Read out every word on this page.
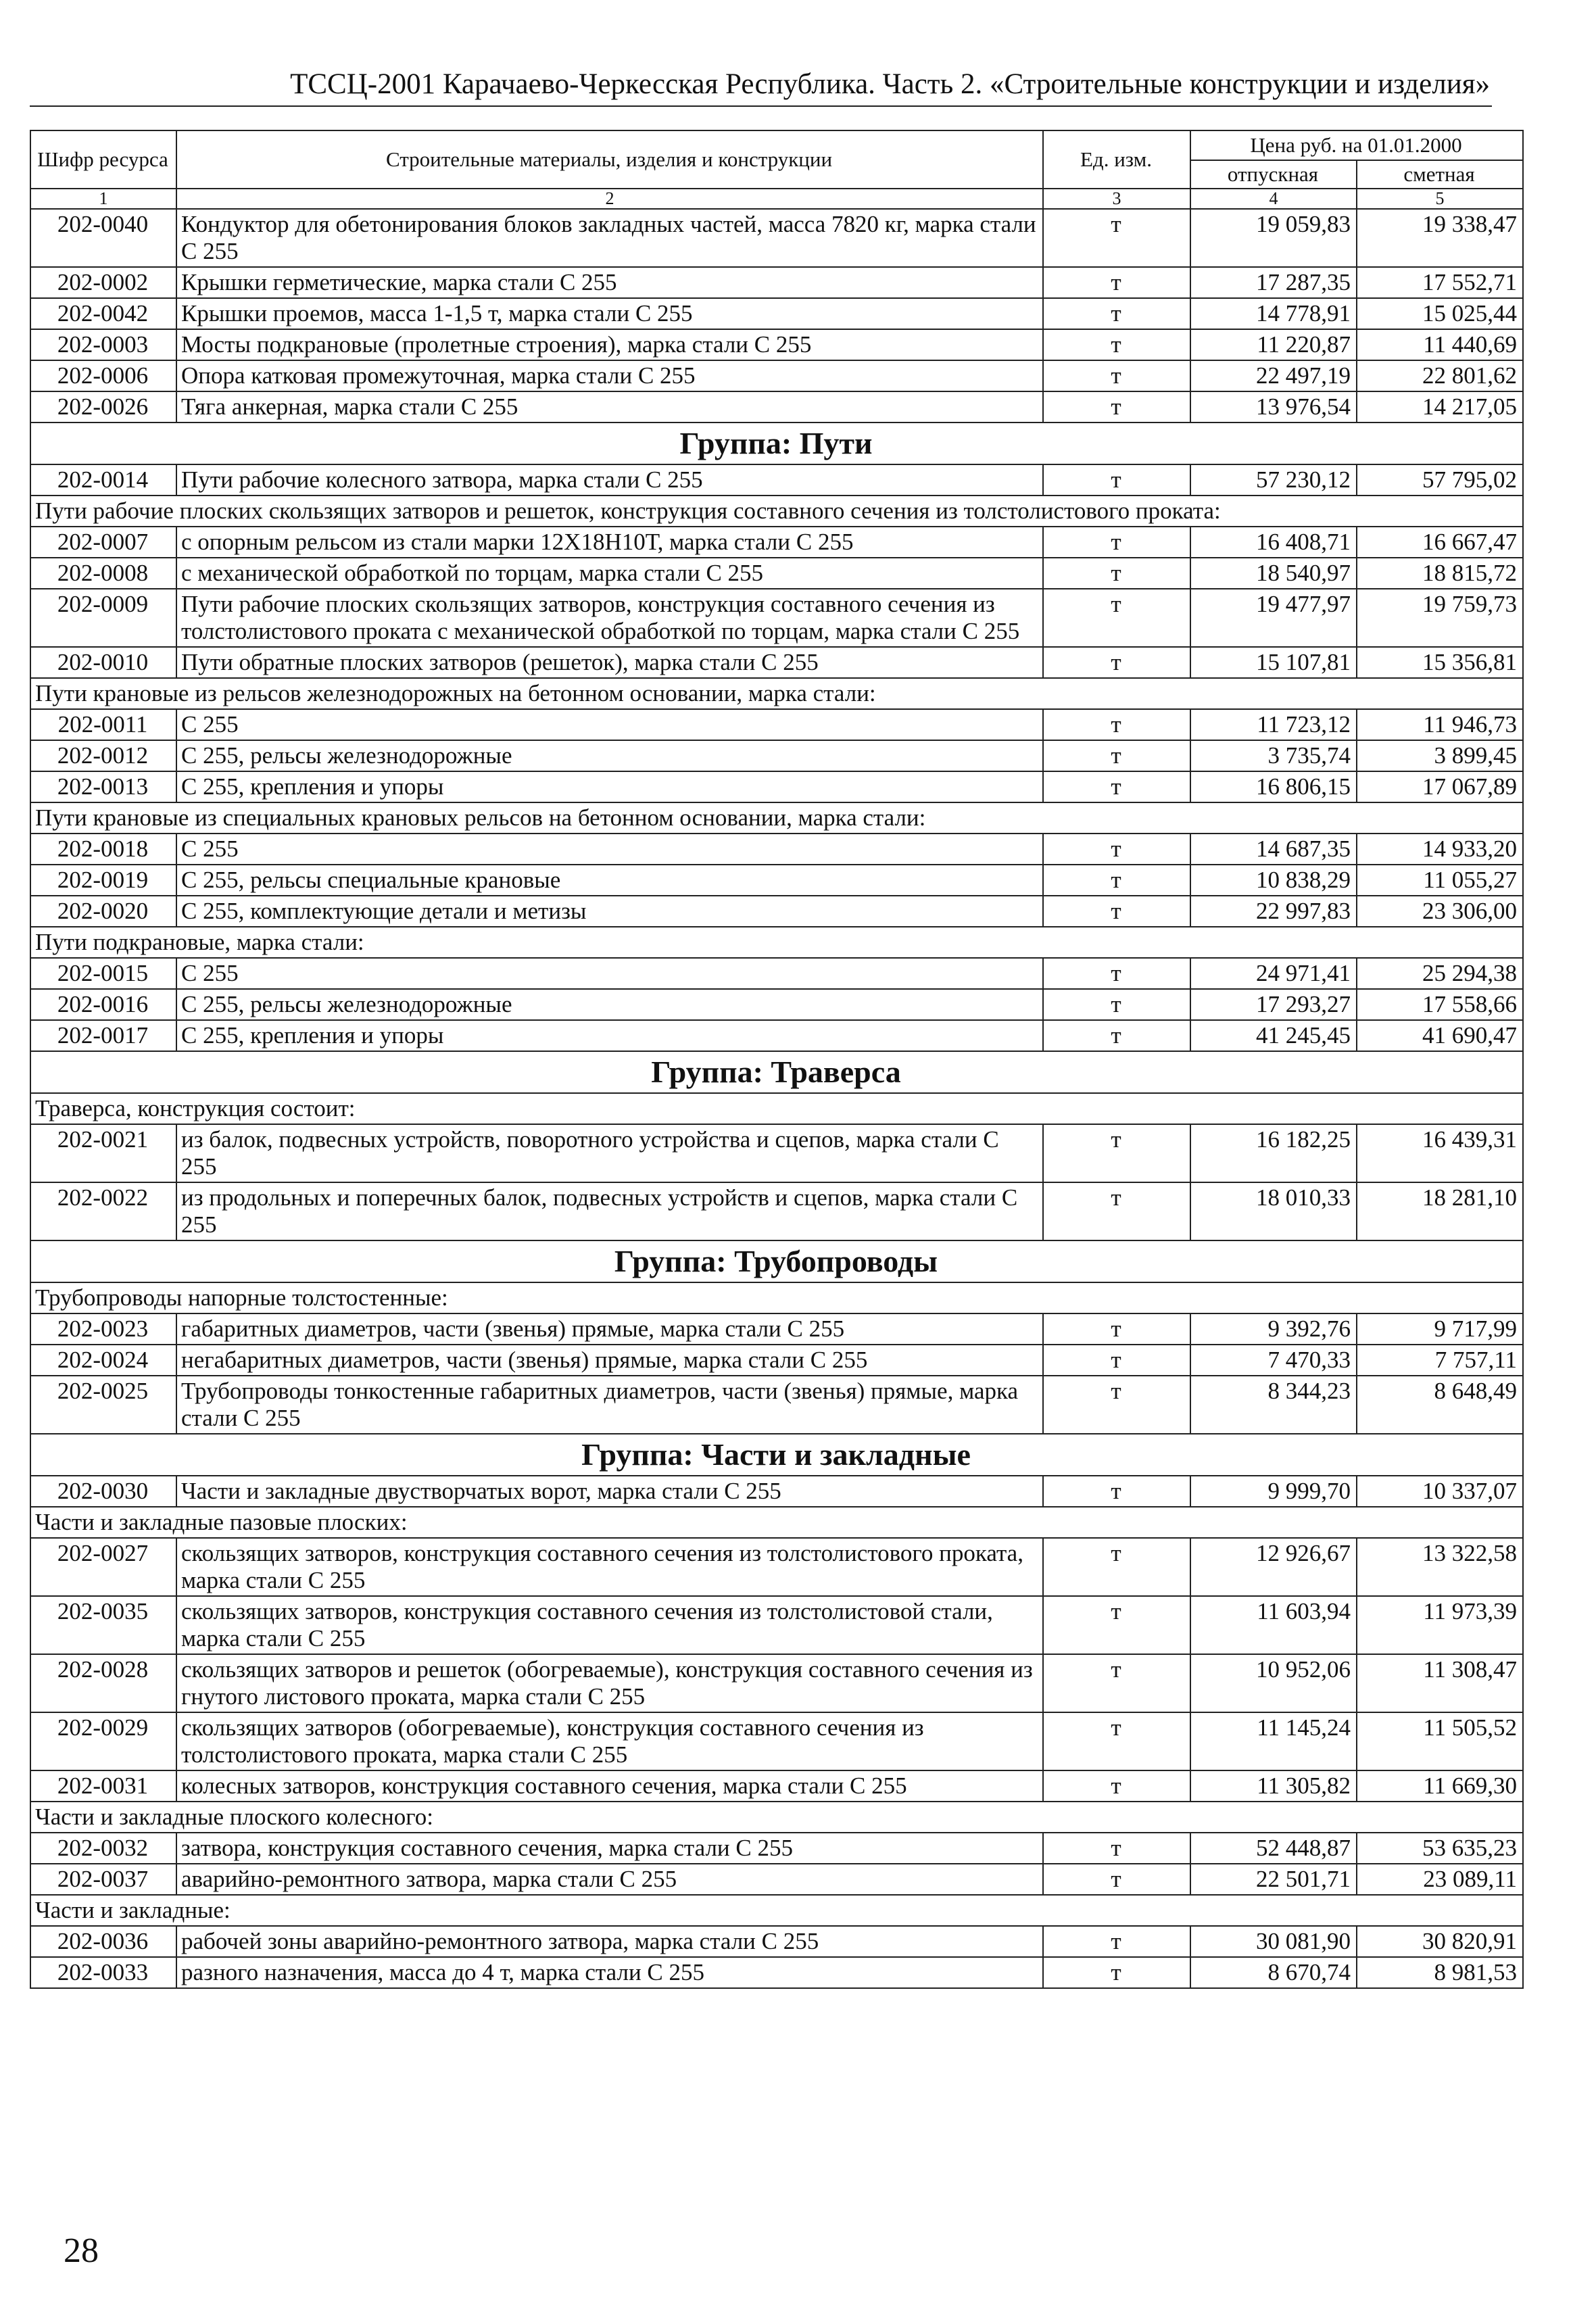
ТССЦ-2001 Карачаево-Черкесская Республика. Часть 2. «Строительные конструкции и изделия»
Шифр ресурса	Строительные материалы, изделия и конструкции	Ед. изм.	Цена руб. на 01.01.2000	
			отпускная	сметная
1	2	3	4	5
202-0040	Кондуктор для обетонирования блоков закладных частей, масса 7820 кг, марка стали С 255	т	19 059,83	19 338,47
202-0002	Крышки герметические, марка стали С 255	т	17 287,35	17 552,71
202-0042	Крышки проемов, масса 1-1,5 т, марка стали С 255	т	14 778,91	15 025,44
202-0003	Мосты подкрановые (пролетные строения), марка стали С 255	т	11 220,87	11 440,69
202-0006	Опора катковая промежуточная, марка стали С 255	т	22 497,19	22 801,62
202-0026	Тяга анкерная, марка стали С 255	т	13 976,54	14 217,05
Группа: Пути				
202-0014	Пути рабочие колесного затвора, марка стали С 255	т	57 230,12	57 795,02
Пути рабочие плоских скользящих затворов и решеток, конструкция составного сечения из толстолистового проката:				
202-0007	с опорным рельсом из стали марки 12Х18Н10Т, марка стали С 255	т	16 408,71	16 667,47
202-0008	с механической обработкой по торцам, марка стали С 255	т	18 540,97	18 815,72
202-0009	Пути рабочие плоских скользящих затворов, конструкция составного сечения из толстолистового проката с механической обработкой по торцам, марка стали С 255	т	19 477,97	19 759,73
202-0010	Пути обратные плоских затворов (решеток), марка стали С 255	т	15 107,81	15 356,81
Пути крановые из рельсов железнодорожных на бетонном основании, марка стали:				
202-0011	С 255	т	11 723,12	11 946,73
202-0012	С 255, рельсы железнодорожные	т	3 735,74	3 899,45
202-0013	С 255, крепления и упоры	т	16 806,15	17 067,89
Пути крановые из специальных крановых рельсов на бетонном основании, марка стали:				
202-0018	С 255	т	14 687,35	14 933,20
202-0019	С 255, рельсы специальные крановые	т	10 838,29	11 055,27
202-0020	С 255, комплектующие детали и метизы	т	22 997,83	23 306,00
Пути подкрановые, марка стали:				
202-0015	С 255	т	24 971,41	25 294,38
202-0016	С 255, рельсы железнодорожные	т	17 293,27	17 558,66
202-0017	С 255, крепления и упоры	т	41 245,45	41 690,47
Группа: Траверса				
Траверса, конструкция состоит:				
202-0021	из балок, подвесных устройств, поворотного устройства и сцепов, марка стали С 255	т	16 182,25	16 439,31
202-0022	из продольных и поперечных балок, подвесных устройств и сцепов, марка стали С 255	т	18 010,33	18 281,10
Группа: Трубопроводы				
Трубопроводы напорные толстостенные:				
202-0023	габаритных диаметров, части (звенья) прямые, марка стали С 255	т	9 392,76	9 717,99
202-0024	негабаритных диаметров, части (звенья) прямые, марка стали С 255	т	7 470,33	7 757,11
202-0025	Трубопроводы тонкостенные габаритных диаметров, части (звенья) прямые, марка стали С 255	т	8 344,23	8 648,49
Группа: Части и закладные				
202-0030	Части и закладные двустворчатых ворот, марка стали С 255	т	9 999,70	10 337,07
Части и закладные пазовые плоских:				
202-0027	скользящих затворов, конструкция составного сечения из толстолистового проката, марка стали С 255	т	12 926,67	13 322,58
202-0035	скользящих затворов, конструкция составного сечения из толстолистовой стали, марка стали С 255	т	11 603,94	11 973,39
202-0028	скользящих затворов и решеток (обогреваемые), конструкция составного сечения из гнутого листового проката, марка стали С 255	т	10 952,06	11 308,47
202-0029	скользящих затворов (обогреваемые), конструкция составного сечения из толстолистового проката, марка стали С 255	т	11 145,24	11 505,52
202-0031	колесных затворов, конструкция составного сечения, марка стали С 255	т	11 305,82	11 669,30
Части и закладные плоского колесного:				
202-0032	затвора, конструкция составного сечения, марка стали С 255	т	52 448,87	53 635,23
202-0037	аварийно-ремонтного затвора, марка стали С 255	т	22 501,71	23 089,11
Части и закладные:				
202-0036	рабочей зоны аварийно-ремонтного затвора, марка стали С 255	т	30 081,90	30 820,91
202-0033	разного назначения, масса до 4 т, марка стали С 255	т	8 670,74	8 981,53
28
